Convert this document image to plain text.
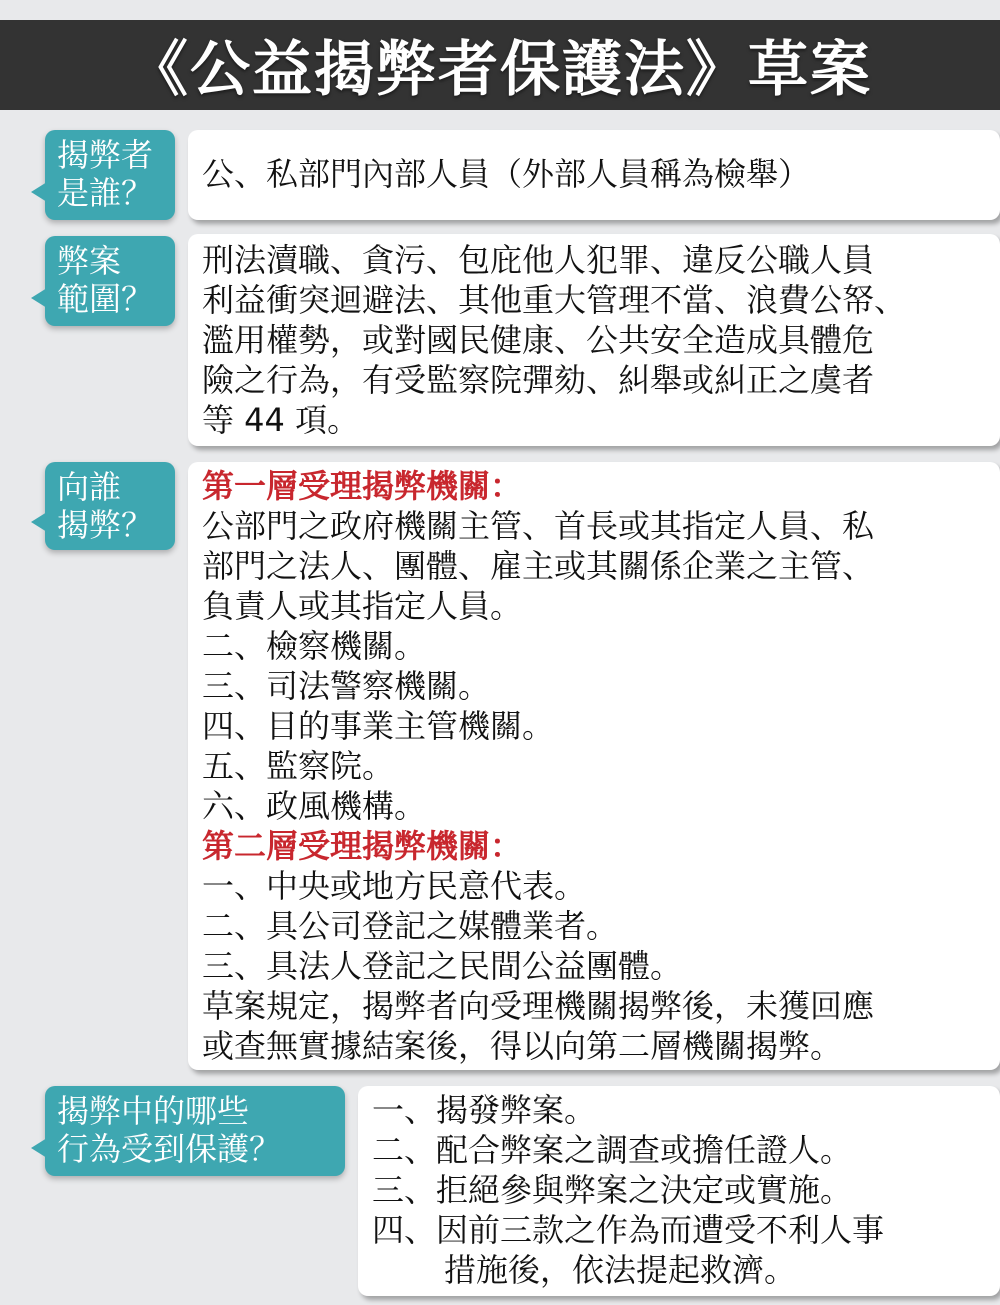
《公益揭弊者保護法》草案
揭弊者
是誰？	公、私部門內部人員（外部人員稱為檢舉）
弊案
範圍？
刑法瀆職、貪污、包庇他人犯罪、違反公職人員
利益衝突迴避法、其他重大管理不當、浪費公帑、
濫用權勢，或對國民健康、公共安全造成具體危
險之行為，有受監察院彈劾、糾舉或糾正之虞者
等 44 項。
向誰
揭弊？
第一層受理揭弊機關：
公部門之政府機關主管、首長或其指定人員、私
部門之法人、團體、雇主或其關係企業之主管、
負責人或其指定人員。
二、檢察機關。
三、司法警察機關。
四、目的事業主管機關。
五、監察院。
六、政風機構。
第二層受理揭弊機關：
一、中央或地方民意代表。
二、具公司登記之媒體業者。
三、具法人登記之民間公益團體。
草案規定，揭弊者向受理機關揭弊後，未獲回應
或查無實據結案後，得以向第二層機關揭弊。
揭弊中的哪些
行為受到保護？
一、揭發弊案。
二、配合弊案之調查或擔任證人。
三、拒絕參與弊案之決定或實施。
四、因前三款之作為而遭受不利人事
措施後，依法提起救濟。
